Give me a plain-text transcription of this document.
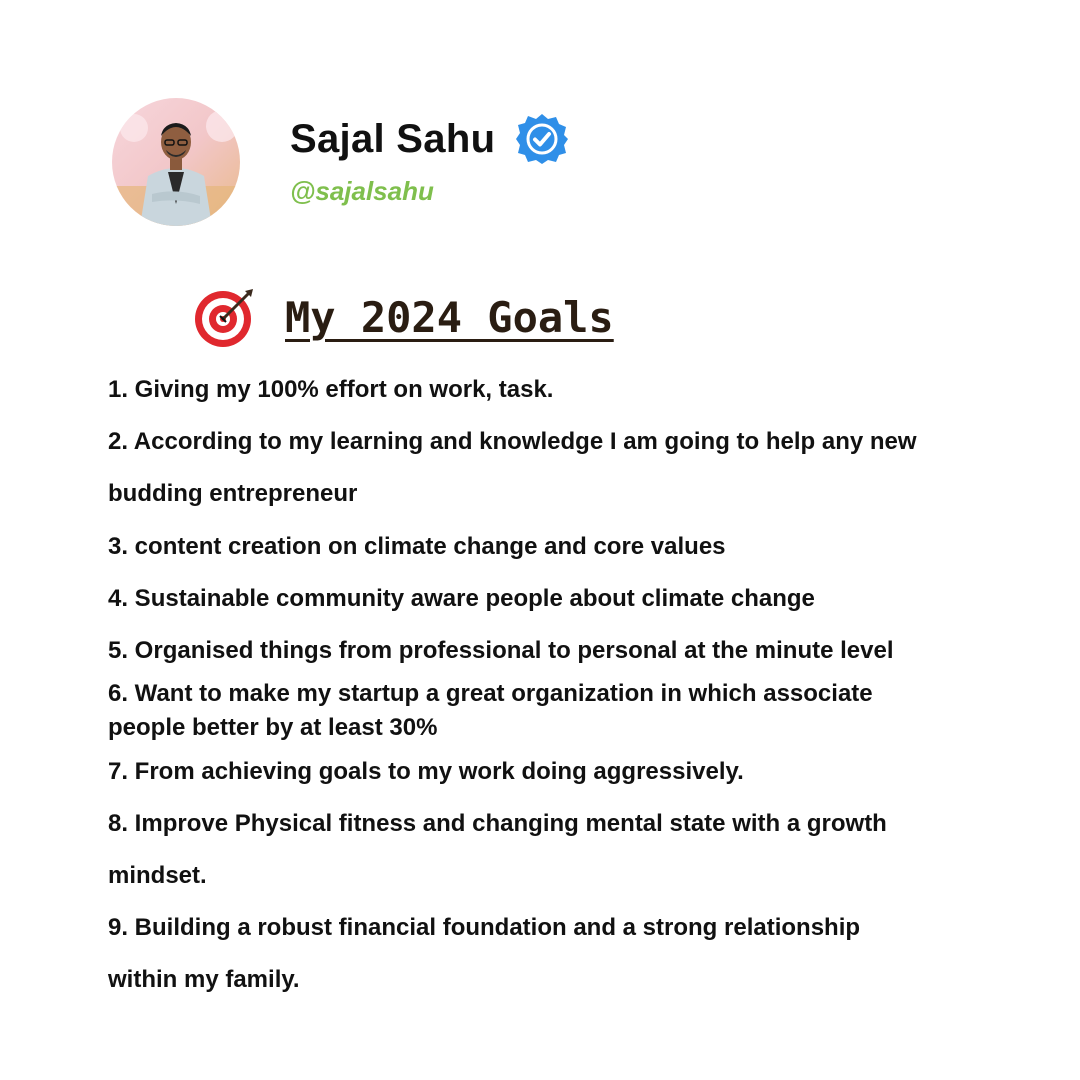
Sajal Sahu
@sajalsahu
My 2024 Goals
1. Giving my 100% effort on work, task.
2. According to my learning and knowledge I am going to help any new
budding entrepreneur
3. content creation on climate change and core values
4. Sustainable community aware people about climate change
5. Organised things from professional to personal at the minute level
6. Want to make my startup a great organization in which associate
people better by at least 30%
7. From achieving goals to my work doing aggressively.
8. Improve Physical fitness and changing mental state with a growth
mindset.
9. Building a robust financial foundation and a strong relationship
within my family.
